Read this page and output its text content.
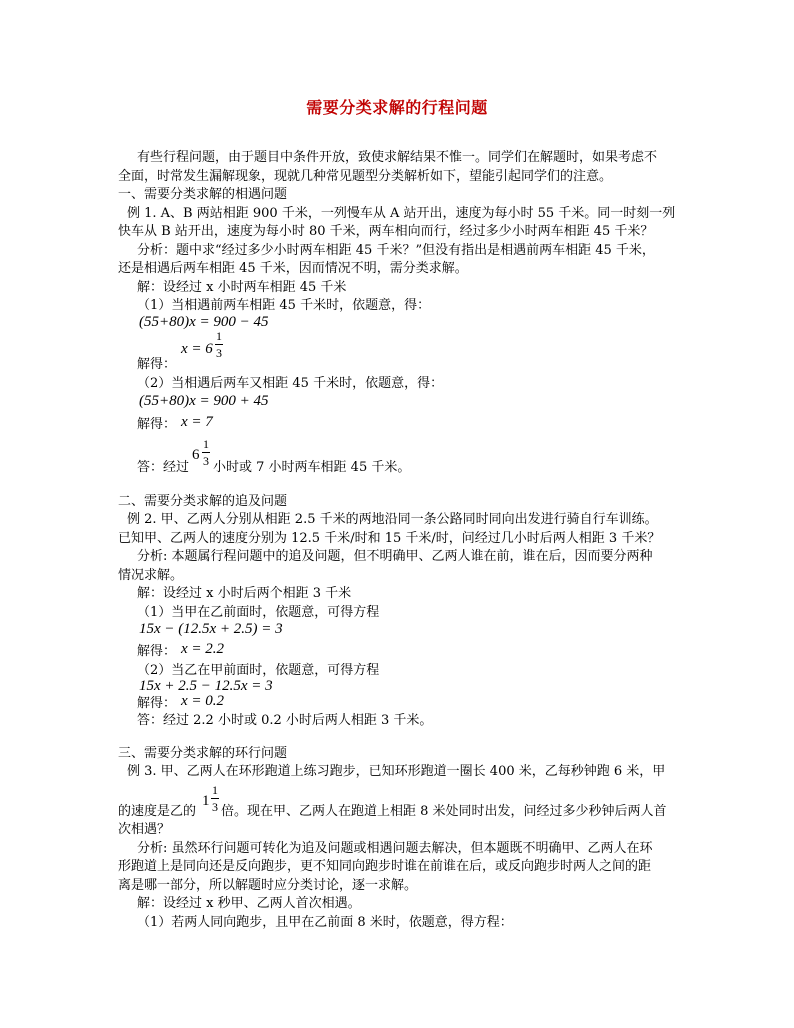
需要分类求解的行程问题
有些行程问题，由于题目中条件开放，致使求解结果不惟一。同学们在解题时，如果考虑不
全面，时常发生漏解现象，现就几种常见题型分类解析如下，望能引起同学们的注意。
一、需要分类求解的相遇问题
例 1. A、B 两站相距 900 千米，一列慢车从 A 站开出，速度为每小时 55 千米。同一时刻一列
快车从 B 站开出，速度为每小时 80 千米，两车相向而行，经过多少小时两车相距 45 千米？
分析：题中求“经过多少小时两车相距 45 千米？”但没有指出是相遇前两车相距 45 千米，
还是相遇后两车相距 45 千米，因而情况不明，需分类求解。
解：设经过 x 小时两车相距 45 千米
（1）当相遇前两车相距 45 千米时，依题意，得：
(55+80)x = 900 − 45
x = 6
1
3
解得：
（2）当相遇后两车又相距 45 千米时，依题意，得：
(55+80)x = 900 + 45
解得： x = 7
6
1
3
答：经过 小时或 7 小时两车相距 45 千米。
二、需要分类求解的追及问题
例 2. 甲、乙两人分别从相距 2.5 千米的两地沿同一条公路同时同向出发进行骑自行车训练。
已知甲、乙两人的速度分别为 12.5 千米/时和 15 千米/时，问经过几小时后两人相距 3 千米？
分析: 本题属行程问题中的追及问题，但不明确甲、乙两人谁在前，谁在后，因而要分两种
情况求解。
解：设经过 x 小时后两个相距 3 千米
（1）当甲在乙前面时，依题意，可得方程
15x − (12.5x + 2.5) = 3
解得： x = 2.2
（2）当乙在甲前面时，依题意，可得方程
15x + 2.5 − 12.5x = 3
解得： x = 0.2
答：经过 2.2 小时或 0.2 小时后两人相距 3 千米。
三、需要分类求解的环行问题
例 3. 甲、乙两人在环形跑道上练习跑步，已知环形跑道一圈长 400 米，乙每秒钟跑 6 米，甲
1
1
3
的速度是乙的 倍。现在甲、乙两人在跑道上相距 8 米处同时出发，问经过多少秒钟后两人首
次相遇？
分析: 虽然环行问题可转化为追及问题或相遇问题去解决，但本题既不明确甲、乙两人在环
形跑道上是同向还是反向跑步，更不知同向跑步时谁在前谁在后，或反向跑步时两人之间的距
离是哪一部分，所以解题时应分类讨论，逐一求解。
解：设经过 x 秒甲、乙两人首次相遇。
（1）若两人同向跑步，且甲在乙前面 8 米时，依题意，得方程：
